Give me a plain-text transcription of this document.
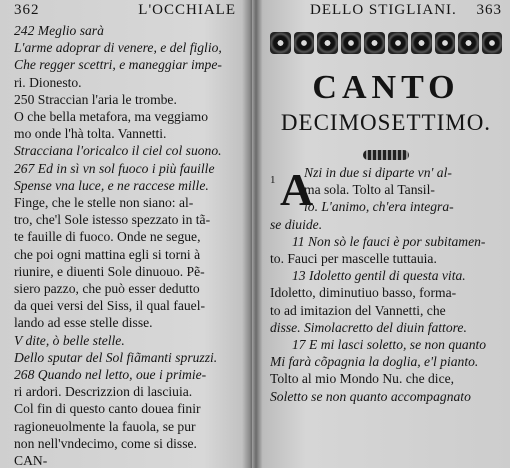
362	L'OCCHIALE
242 Meglio sarà
L'arme adoprar di venere, e del figlio,
Che regger scettri, e maneggiar impe-
ri. Dionesto.
250 Straccian l'aria le trombe.
O che bella metafora, ma veggiamo
mo onde l'hà tolta. Vannetti.
Stracciana l'oricalco il ciel col suono.
267 Ed in sì vn sol fuoco i più fauille
Spense vna luce, e ne raccese mille.
Finge, che le stelle non siano: al-
tro, che'l Sole istesso spezzato in tã-
te fauille di fuoco. Onde ne segue,
che poi ogni mattina egli si torni à
riunire, e diuenti Sole dinuouo. Pẽ-
siero pazzo, che può esser dedutto
da quei versi del Siss, il qual fauel-
lando ad esse stelle disse.
V dite, ò belle stelle.
Dello sputar del Sol fiãmanti spruzzi.
268 Quando nel letto, oue i primie-
ri ardori. Descrizzion di lasciuia.
Col fin di questo canto douea finir
ragioneuolmente la fauola, se pur
non nell'vndecimo, come si disse.
CAN-
DELLO STIGLIANI. 363
CANTO
DECIMOSETTIMO.
1 A
Nzi in due si diparte vn' al-
ma sola. Tolto al Tansil-
lo. L'animo, ch'era integra-
se diuide.
11 Non sò le fauci è por subitamen-
to. Fauci per mascelle tuttauia.
13 Idoletto gentil di questa vita.
Idoletto, diminutiuo basso, forma-
to ad imitazion del Vannetti, che
disse. Simolacretto del diuin fattore.
17 E mi lasci soletto, se non quanto
Mi farà cõpagnia la doglia, e'l pianto.
Tolto al mio Mondo Nu. che dice,
Soletto se non quanto accompagnato
